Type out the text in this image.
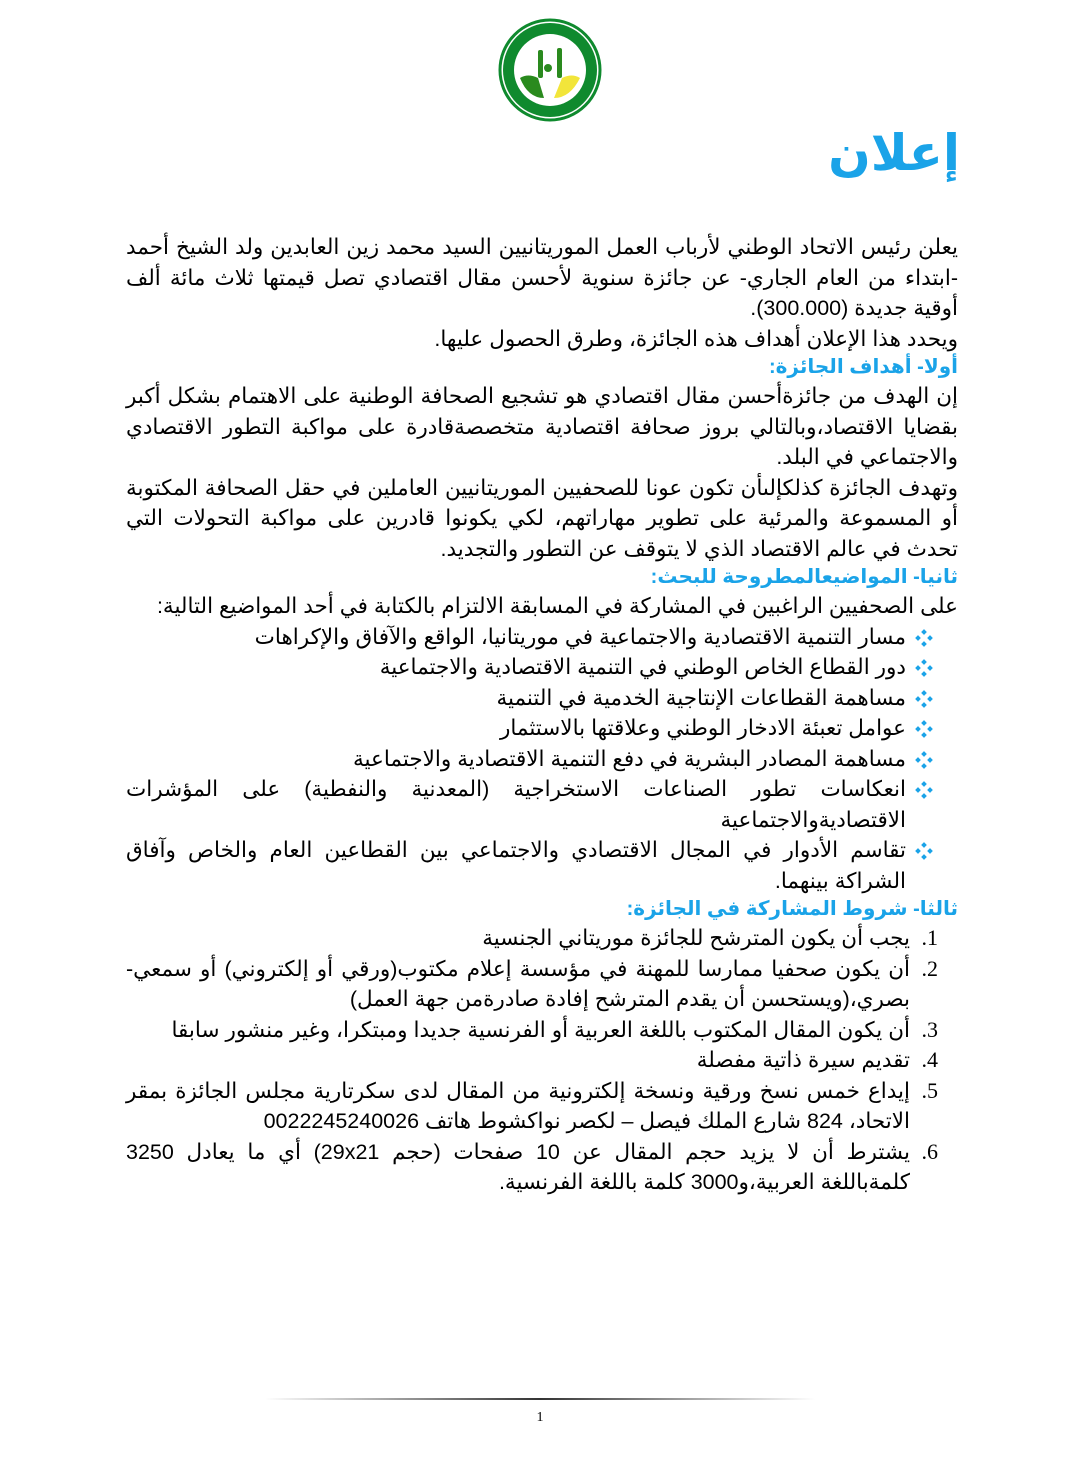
إعلان

يعلن رئيس الاتحاد الوطني لأرباب العمل الموريتانيين السيد محمد زين العابدين ولد الشيخ أحمد -ابتداء من العام الجاري- عن جائزة سنوية لأحسن مقال اقتصادي تصل قيمتها ثلاث مائة ألف أوقية جديدة (300.000).

ويحدد هذا الإعلان أهداف هذه الجائزة، وطرق الحصول عليها.

أولا- أهداف الجائزة:

إن الهدف من جائزةأحسن مقال اقتصادي هو تشجيع الصحافة الوطنية على الاهتمام بشكل أكبر بقضايا الاقتصاد،وبالتالي بروز صحافة اقتصادية متخصصةقادرة على مواكبة التطور الاقتصادي والاجتماعي في البلد.

وتهدف الجائزة كذلكإلىأن تكون عونا للصحفيين الموريتانيين العاملين في حقل الصحافة المكتوبة أو المسموعة والمرئية على تطوير مهاراتهم، لكي يكونوا قادرين على مواكبة التحولات التي تحدث في عالم الاقتصاد الذي لا يتوقف عن التطور والتجديد.

ثانيا- المواضيعالمطروحة للبحث:

على الصحفيين الراغبين في المشاركة في المسابقة الالتزام بالكتابة في أحد المواضيع التالية:

مسار التنمية الاقتصادية والاجتماعية في موريتانيا، الواقع والآفاق والإكراهات
دور القطاع الخاص الوطني في التنمية الاقتصادية والاجتماعية
مساهمة القطاعات الإنتاجية الخدمية في التنمية
عوامل تعبئة الادخار الوطني وعلاقتها بالاستثمار
مساهمة المصادر البشرية في دفع التنمية الاقتصادية والاجتماعية
انعكاسات تطور الصناعات الاستخراجية (المعدنية والنفطية) على المؤشرات الاقتصاديةوالاجتماعية
تقاسم الأدوار في المجال الاقتصادي والاجتماعي بين القطاعين العام والخاص وآفاق الشراكة بينهما.

ثالثا- شروط المشاركة في الجائزة:

1.
يجب أن يكون المترشح للجائزة موريتاني الجنسية
2.
أن يكون صحفيا ممارسا للمهنة في مؤسسة إعلام مكتوب(ورقي أو إلكتروني) أو سمعي- بصري،(ويستحسن أن يقدم المترشح إفادة صادرةمن جهة العمل)
3.
أن يكون المقال المكتوب باللغة العربية أو الفرنسية جديدا ومبتكرا، وغير منشور سابقا
4.
تقديم سيرة ذاتية مفصلة
5.
إيداع خمس نسخ ورقية ونسخة إلكترونية من المقال لدى سكرتارية مجلس الجائزة بمقر الاتحاد، 824 شارع الملك فيصل – لكصر نواكشوط هاتف 0022245240026
6.
يشترط أن لا يزيد حجم المقال عن 10 صفحات (حجم 29x21) أي ما يعادل 3250 كلمةباللغة العربية،و3000 كلمة باللغة الفرنسية.
1
